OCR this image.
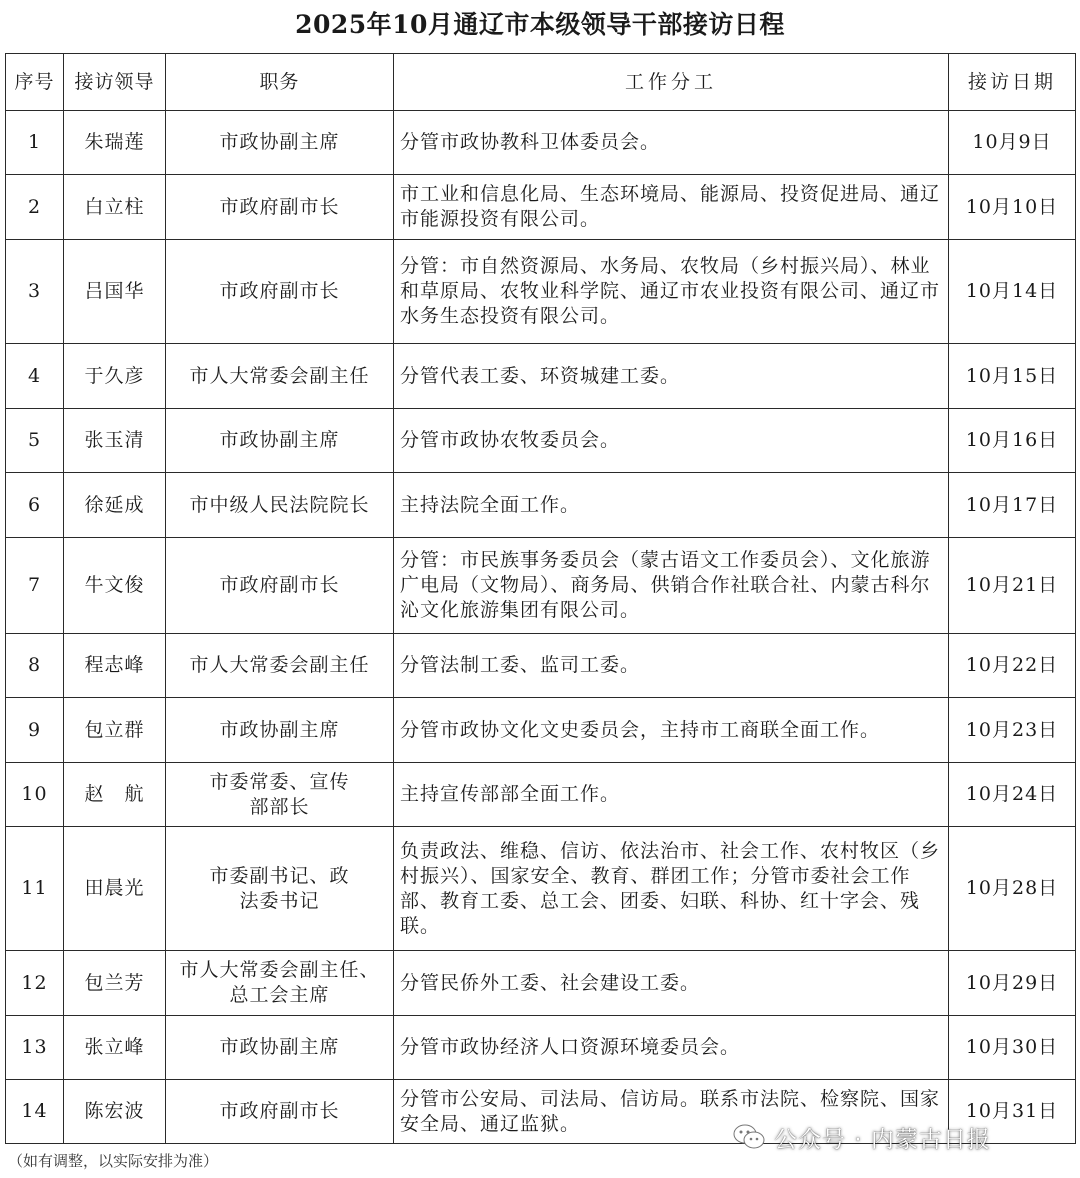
2025年10月通辽市本级领导干部接访日程
序号	接访领导	职务	工作分工	接访日期
1	朱瑞莲	市政协副主席	分管市政协教科卫体委员会。	10月9日
2	白立柱	市政府副市长	市工业和信息化局、生态环境局、能源局、投资促进局、通辽市能源投资有限公司。	10月10日
3	吕国华	市政府副市长	分管：市自然资源局、水务局、农牧局（乡村振兴局）、林业和草原局、农牧业科学院、通辽市农业投资有限公司、通辽市水务生态投资有限公司。	10月14日
4	于久彦	市人大常委会副主任	分管代表工委、环资城建工委。	10月15日
5	张玉清	市政协副主席	分管市政协农牧委员会。	10月16日
6	徐延成	市中级人民法院院长	主持法院全面工作。	10月17日
7	牛文俊	市政府副市长	分管：市民族事务委员会（蒙古语文工作委员会）、文化旅游广电局（文物局）、商务局、供销合作社联合社、内蒙古科尔沁文化旅游集团有限公司。	10月21日
8	程志峰	市人大常委会副主任	分管法制工委、监司工委。	10月22日
9	包立群	市政协副主席	分管市政协文化文史委员会，主持市工商联全面工作。	10月23日
10	赵　航	市委常委、宣传部部长	主持宣传部部全面工作。	10月24日
11	田晨光	市委副书记、政法委书记	负责政法、维稳、信访、依法治市、社会工作、农村牧区（乡村振兴）、国家安全、教育、群团工作；分管市委社会工作部、教育工委、总工会、团委、妇联、科协、红十字会、残联。	10月28日
12	包兰芳	市人大常委会副主任、总工会主席	分管民侨外工委、社会建设工委。	10月29日
13	张立峰	市政协副主席	分管市政协经济人口资源环境委员会。	10月30日
14	陈宏波	市政府副市长	分管市公安局、司法局、信访局。联系市法院、检察院、国家安全局、通辽监狱。	10月31日
（如有调整，以实际安排为准）
公众号 · 内蒙古日报
